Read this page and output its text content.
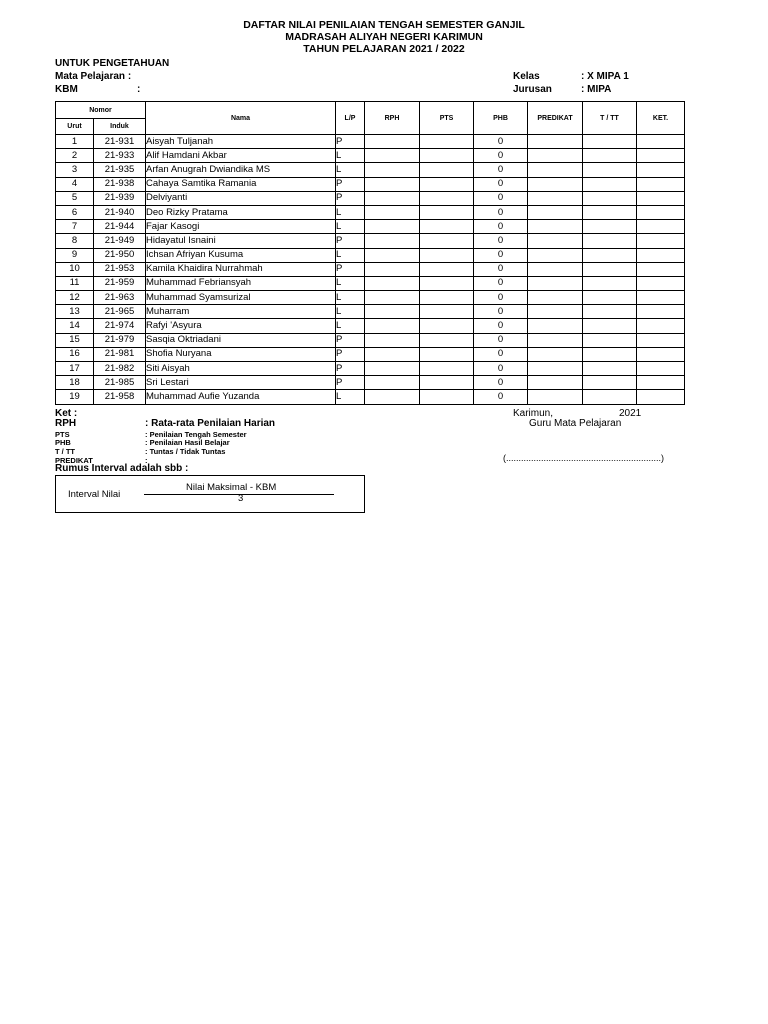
DAFTAR NILAI PENILAIAN TENGAH SEMESTER GANJIL
MADRASAH ALIYAH NEGERI KARIMUN
TAHUN PELAJARAN 2021 / 2022
UNTUK PENGETAHUAN
Mata Pelajaran :
KBM	:
Kelas	: X MIPA 1
Jurusan	: MIPA
Nomor		Nama	L/P	RPH	PTS	PHB	PREDIKAT	T / TT	KET.
Urut	Induk								
1	21-931	Aisyah Tuljanah	P			0			
2	21-933	Alif Hamdani Akbar	L			0			
3	21-935	Arfan Anugrah Dwiandika MS	L			0			
4	21-938	Cahaya Samtika Ramania	P			0			
5	21-939	Delviyanti	P			0			
6	21-940	Deo Rizky Pratama	L			0			
7	21-944	Fajar Kasogi	L			0			
8	21-949	Hidayatul Isnaini	P			0			
9	21-950	Ichsan Afriyan Kusuma	L			0			
10	21-953	Kamila Khaidira Nurrahmah	P			0			
11	21-959	Muhammad Febriansyah	L			0			
12	21-963	Muhammad Syamsurizal	L			0			
13	21-965	Muharram	L			0			
14	21-974	Rafyi 'Asyura	L			0			
15	21-979	Sasqia Oktriadani	P			0			
16	21-981	Shofia Nuryana	P			0			
17	21-982	Siti Aisyah	P			0			
18	21-985	Sri Lestari	P			0			
19	21-958	Muhammad Aufie Yuzanda	L			0			
Ket :
RPH	: Rata-rata Penilaian Harian
PTS	: Penilaian Tengah Semester
PHB	: Penilaian Hasil Belajar
T / TT	: Tuntas / Tidak Tuntas
PREDIKAT	:
Rumus Interval adalah sbb :
Karimun,	2021
Guru Mata Pelajaran
(..............................................................)
Interval Nilai
Nilai Maksimal - KBM
3
